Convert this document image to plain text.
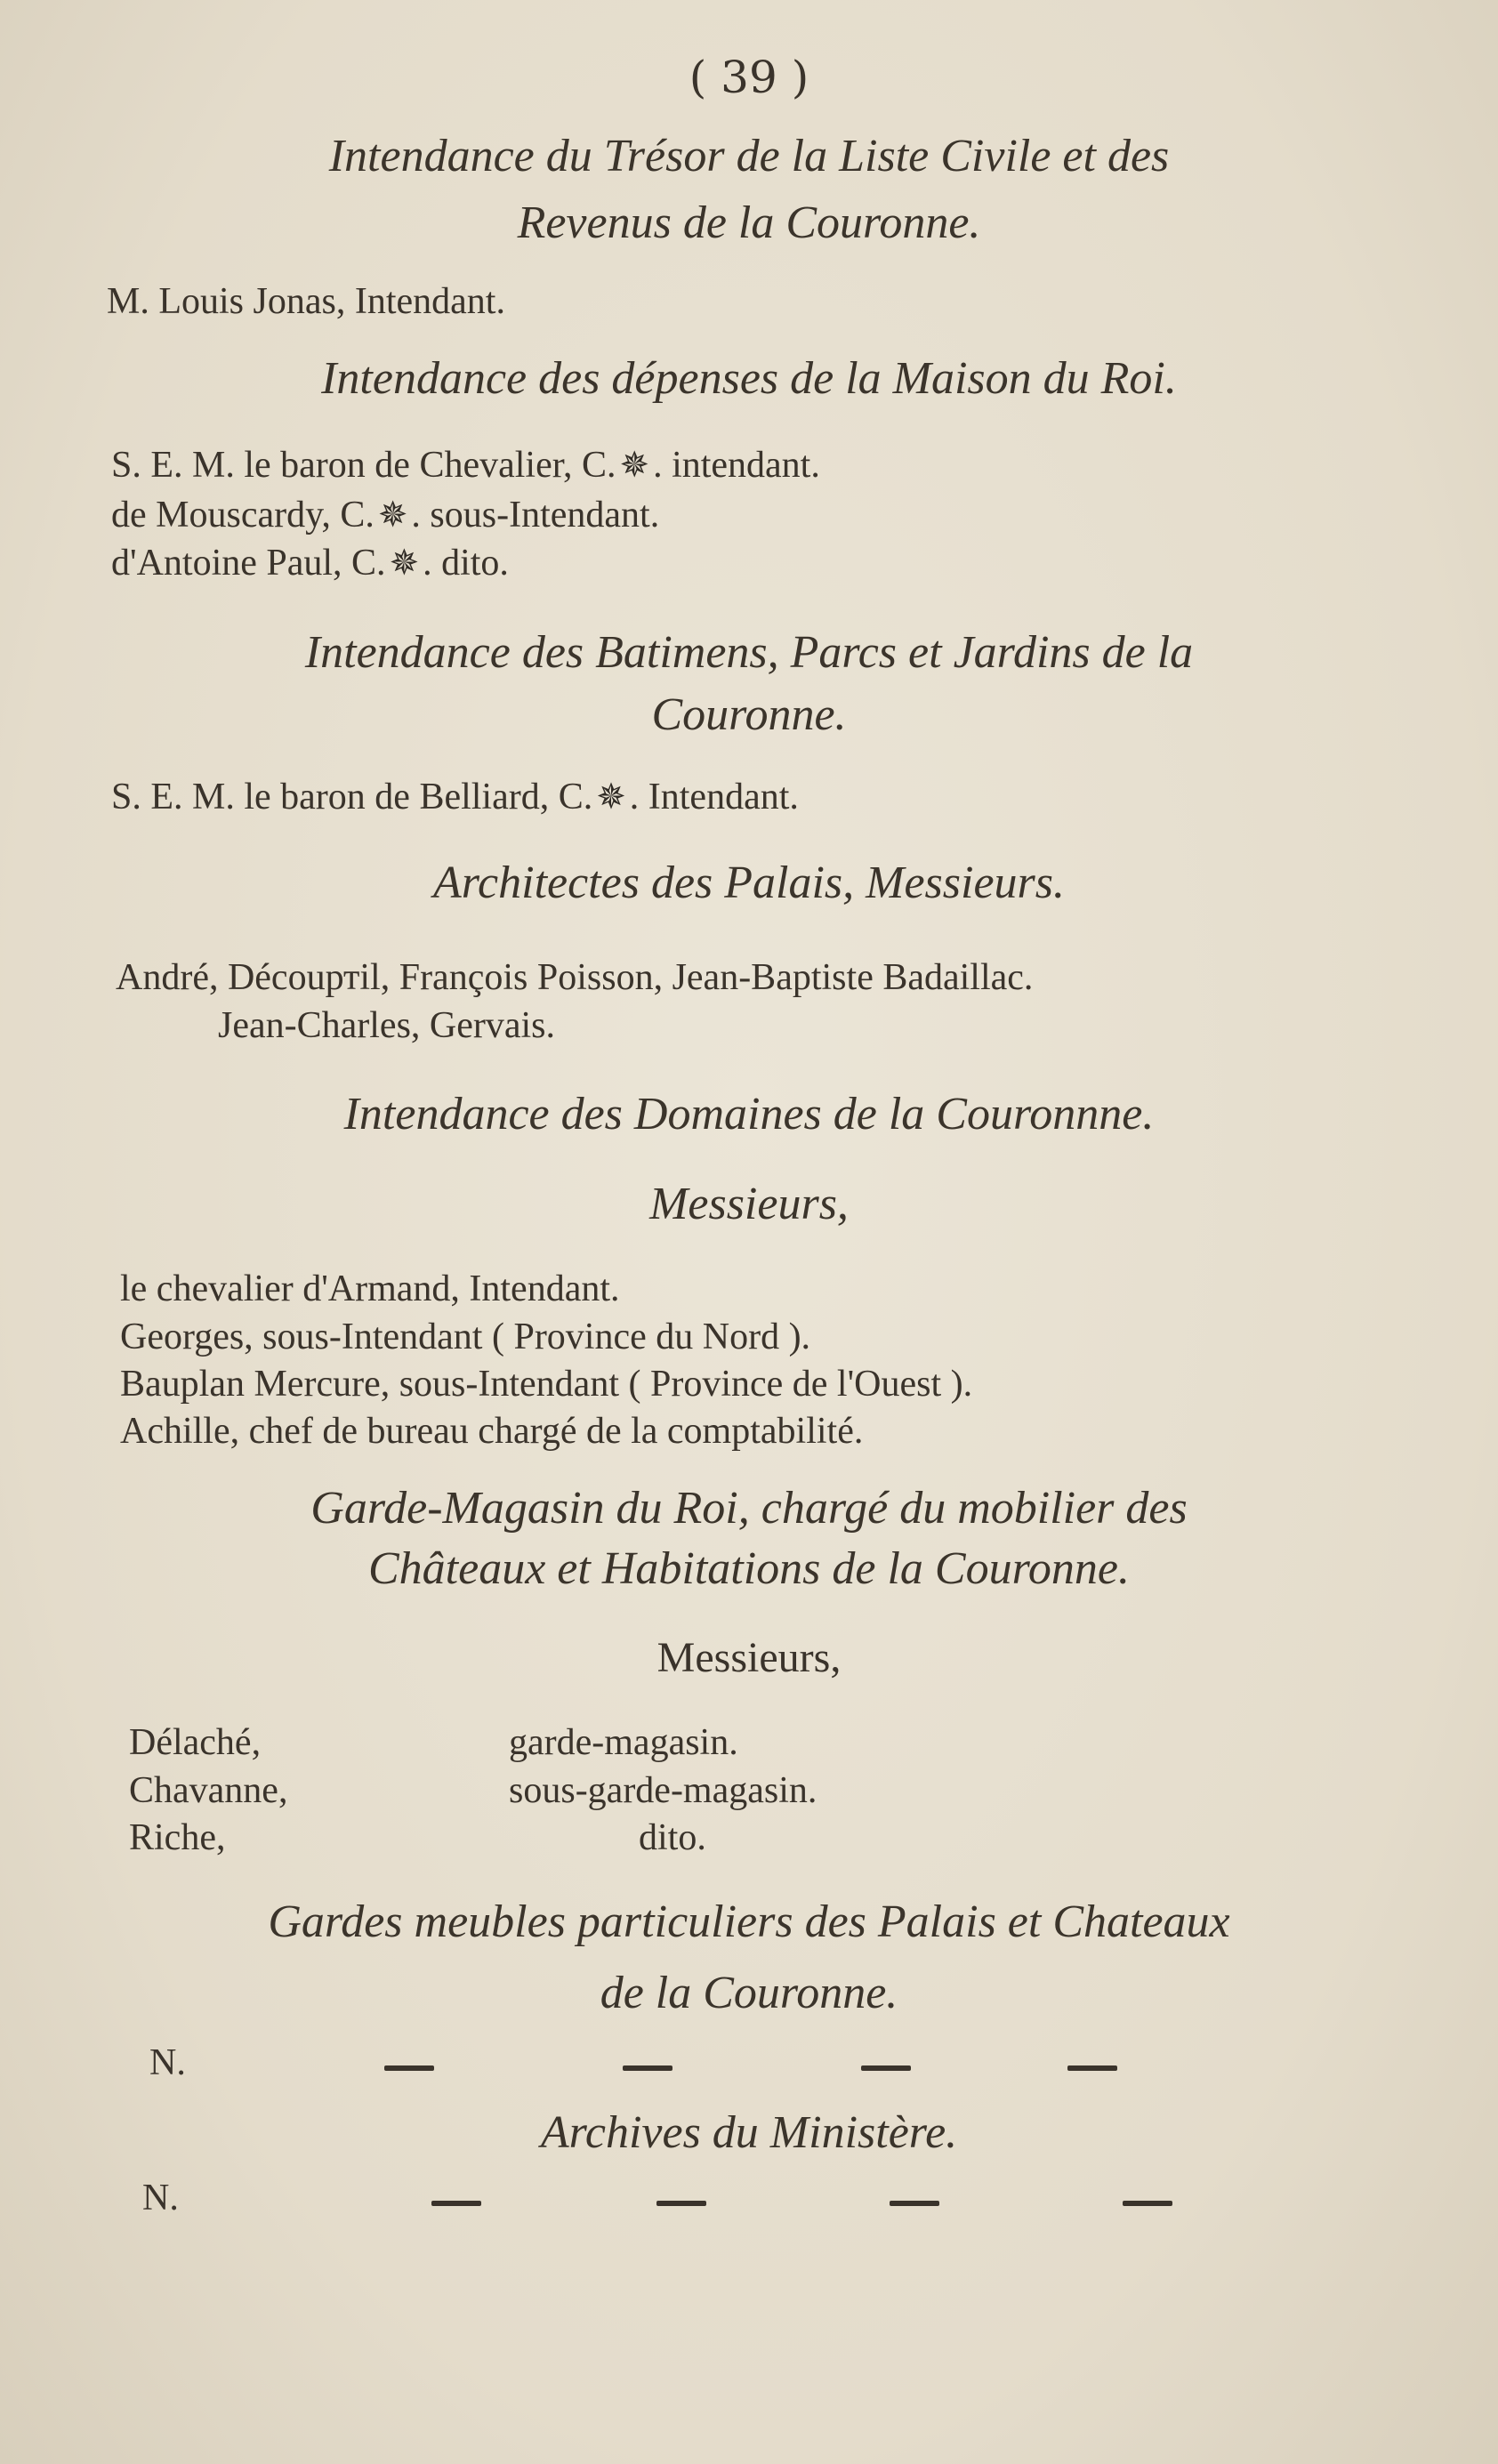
( 39 )
Intendance du Trésor de la Liste Civile et des
Revenus de la Couronne.
M. Louis Jonas, Intendant.
Intendance des dépenses de la Maison du Roi.
S. E. M. le baron de Chevalier, C. ✵. intendant.
de Mouscardy, C. ✵. sous-Intendant.
d'Antoine Paul, C. ✵. dito.
Intendance des Batimens, Parcs et Jardins de la
Couronne.
S. E. M. le baron de Belliard, C. ✵. Intendant.
Architectes des Palais, Messieurs.
André, Découртil, François Poisson, Jean-Baptiste Badaillac.
Jean-Charles, Gervais.
Intendance des Domaines de la Couronnne.
Messieurs,
le chevalier d'Armand, Intendant.
Georges, sous-Intendant ( Province du Nord ).
Bauplan Mercure, sous-Intendant ( Province de l'Ouest ).
Achille, chef de bureau chargé de la comptabilité.
Garde-Magasin du Roi, chargé du mobilier des
Châteaux et Habitations de la Couronne.
Messieurs,
Délaché,	garde-magasin.
Chavanne,	sous-garde-magasin.
Riche,	dito.
Gardes meubles particuliers des Palais et Chateaux
de la Couronne.
N.
Archives du Ministère.
N.
